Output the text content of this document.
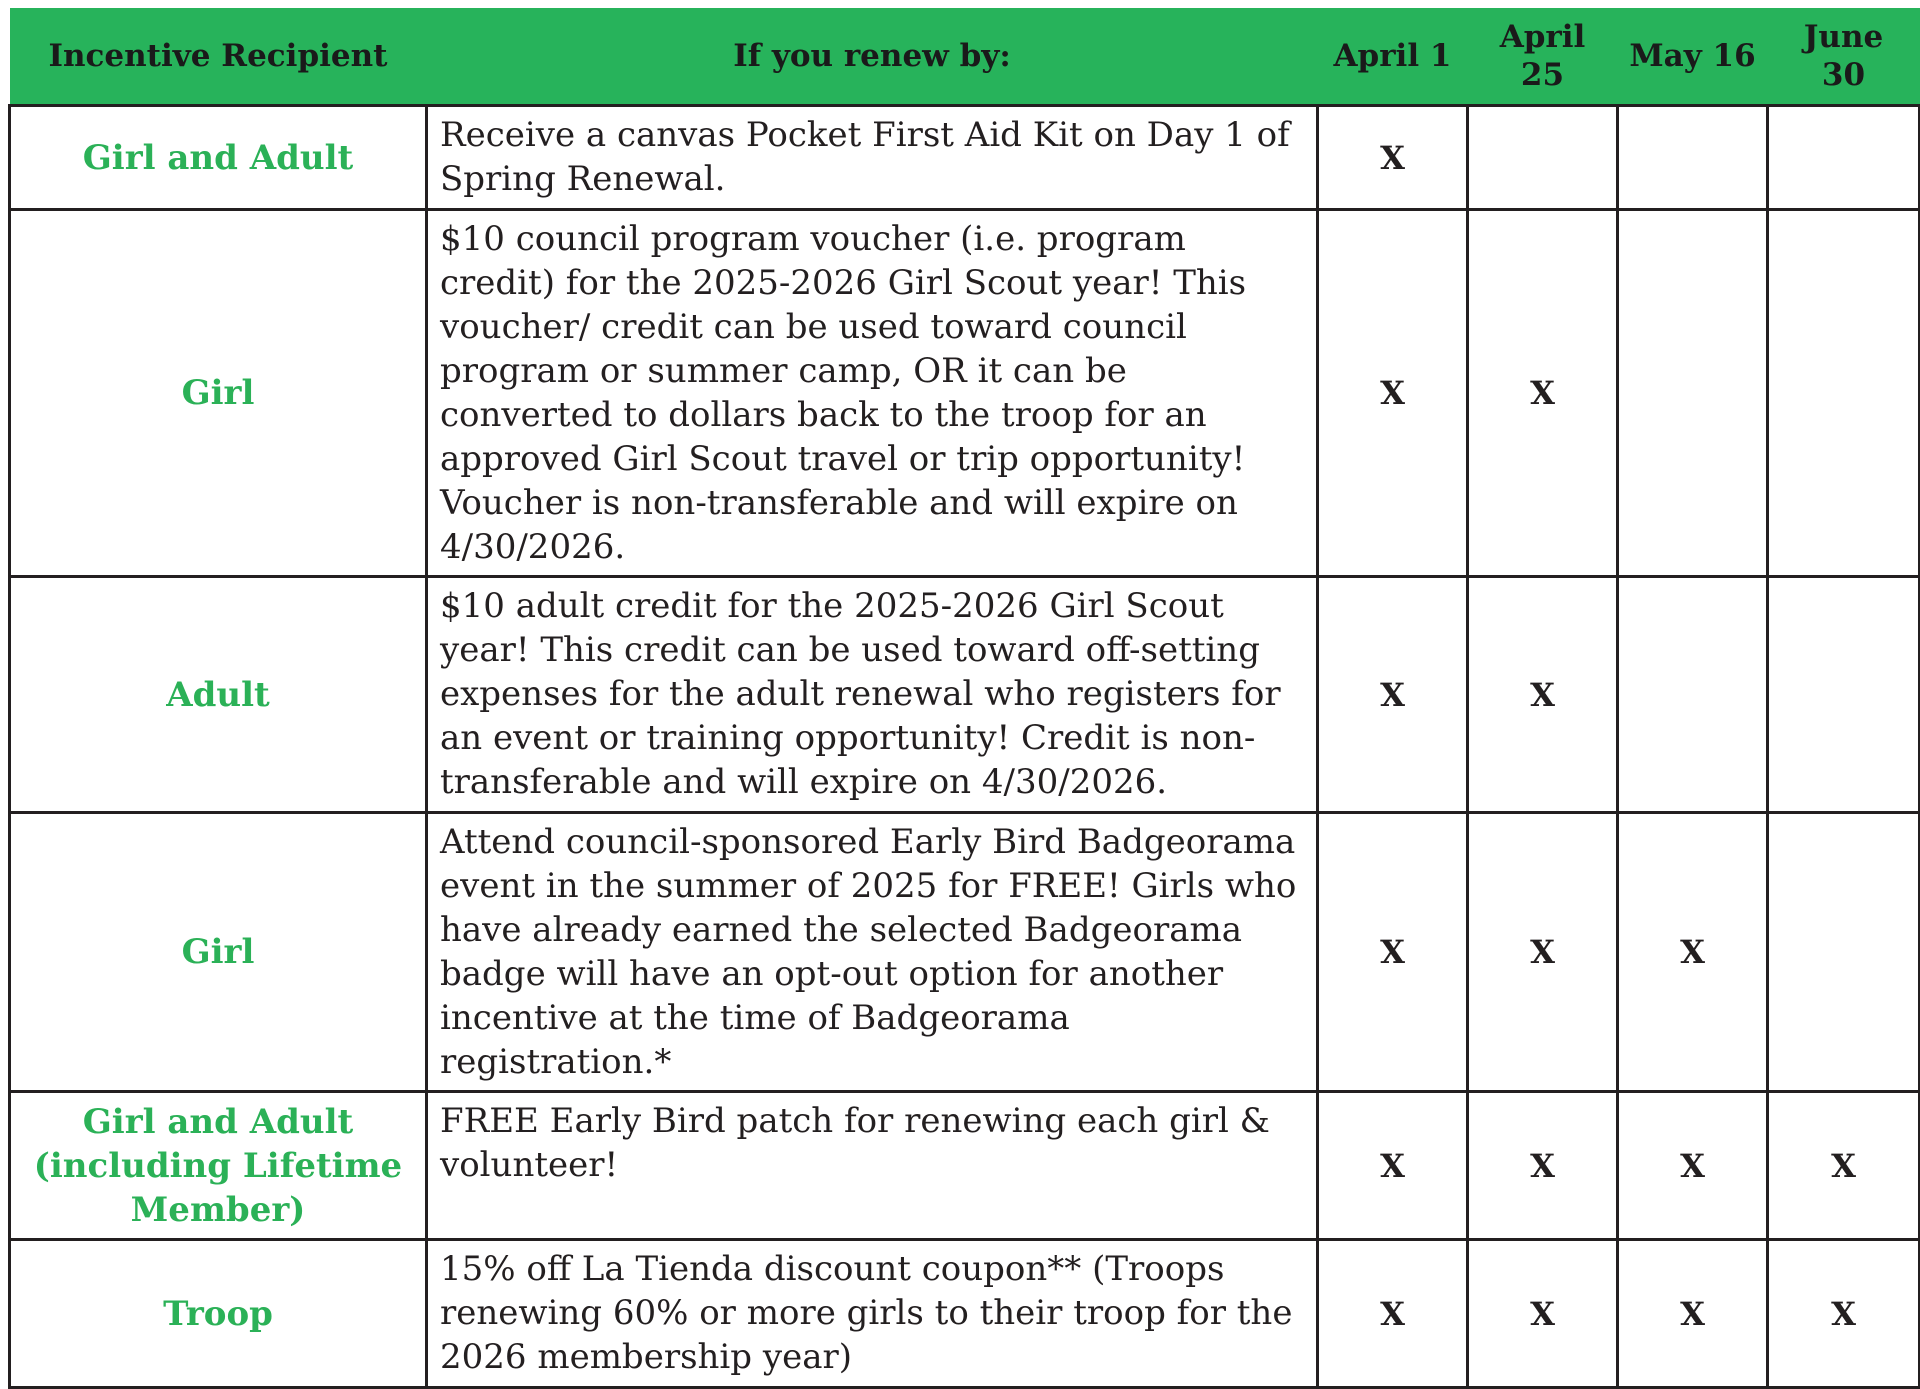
Incentive Recipient	If you renew by:	April 1	April 25	May 16	June 30
Girl and Adult	Receive a canvas Pocket First Aid Kit on Day 1 of Spring Renewal.	X			
Girl	$10 council program voucher (i.e. program credit) for the 2025-2026 Girl Scout year! This voucher/ credit can be used toward council program or summer camp, OR it can be converted to dollars back to the troop for an approved Girl Scout travel or trip opportunity! Voucher is non-transferable and will expire on 4/30/2026.	X	X		
Adult	$10 adult credit for the 2025-2026 Girl Scout year! This credit can be used toward off-setting expenses for the adult renewal who registers for an event or training opportunity! Credit is non-transferable and will expire on 4/30/2026.	X	X		
Girl	Attend council-sponsored Early Bird Badgeorama event in the summer of 2025 for FREE! Girls who have already earned the selected Badgeorama badge will have an opt-out option for another incentive at the time of Badgeorama registration.*	X	X	X	
Girl and Adult (including Lifetime Member)	FREE Early Bird patch for renewing each girl & volunteer!	X	X	X	X
Troop	15% off La Tienda discount coupon** (Troops renewing 60% or more girls to their troop for the 2026 membership year)	X	X	X	X
